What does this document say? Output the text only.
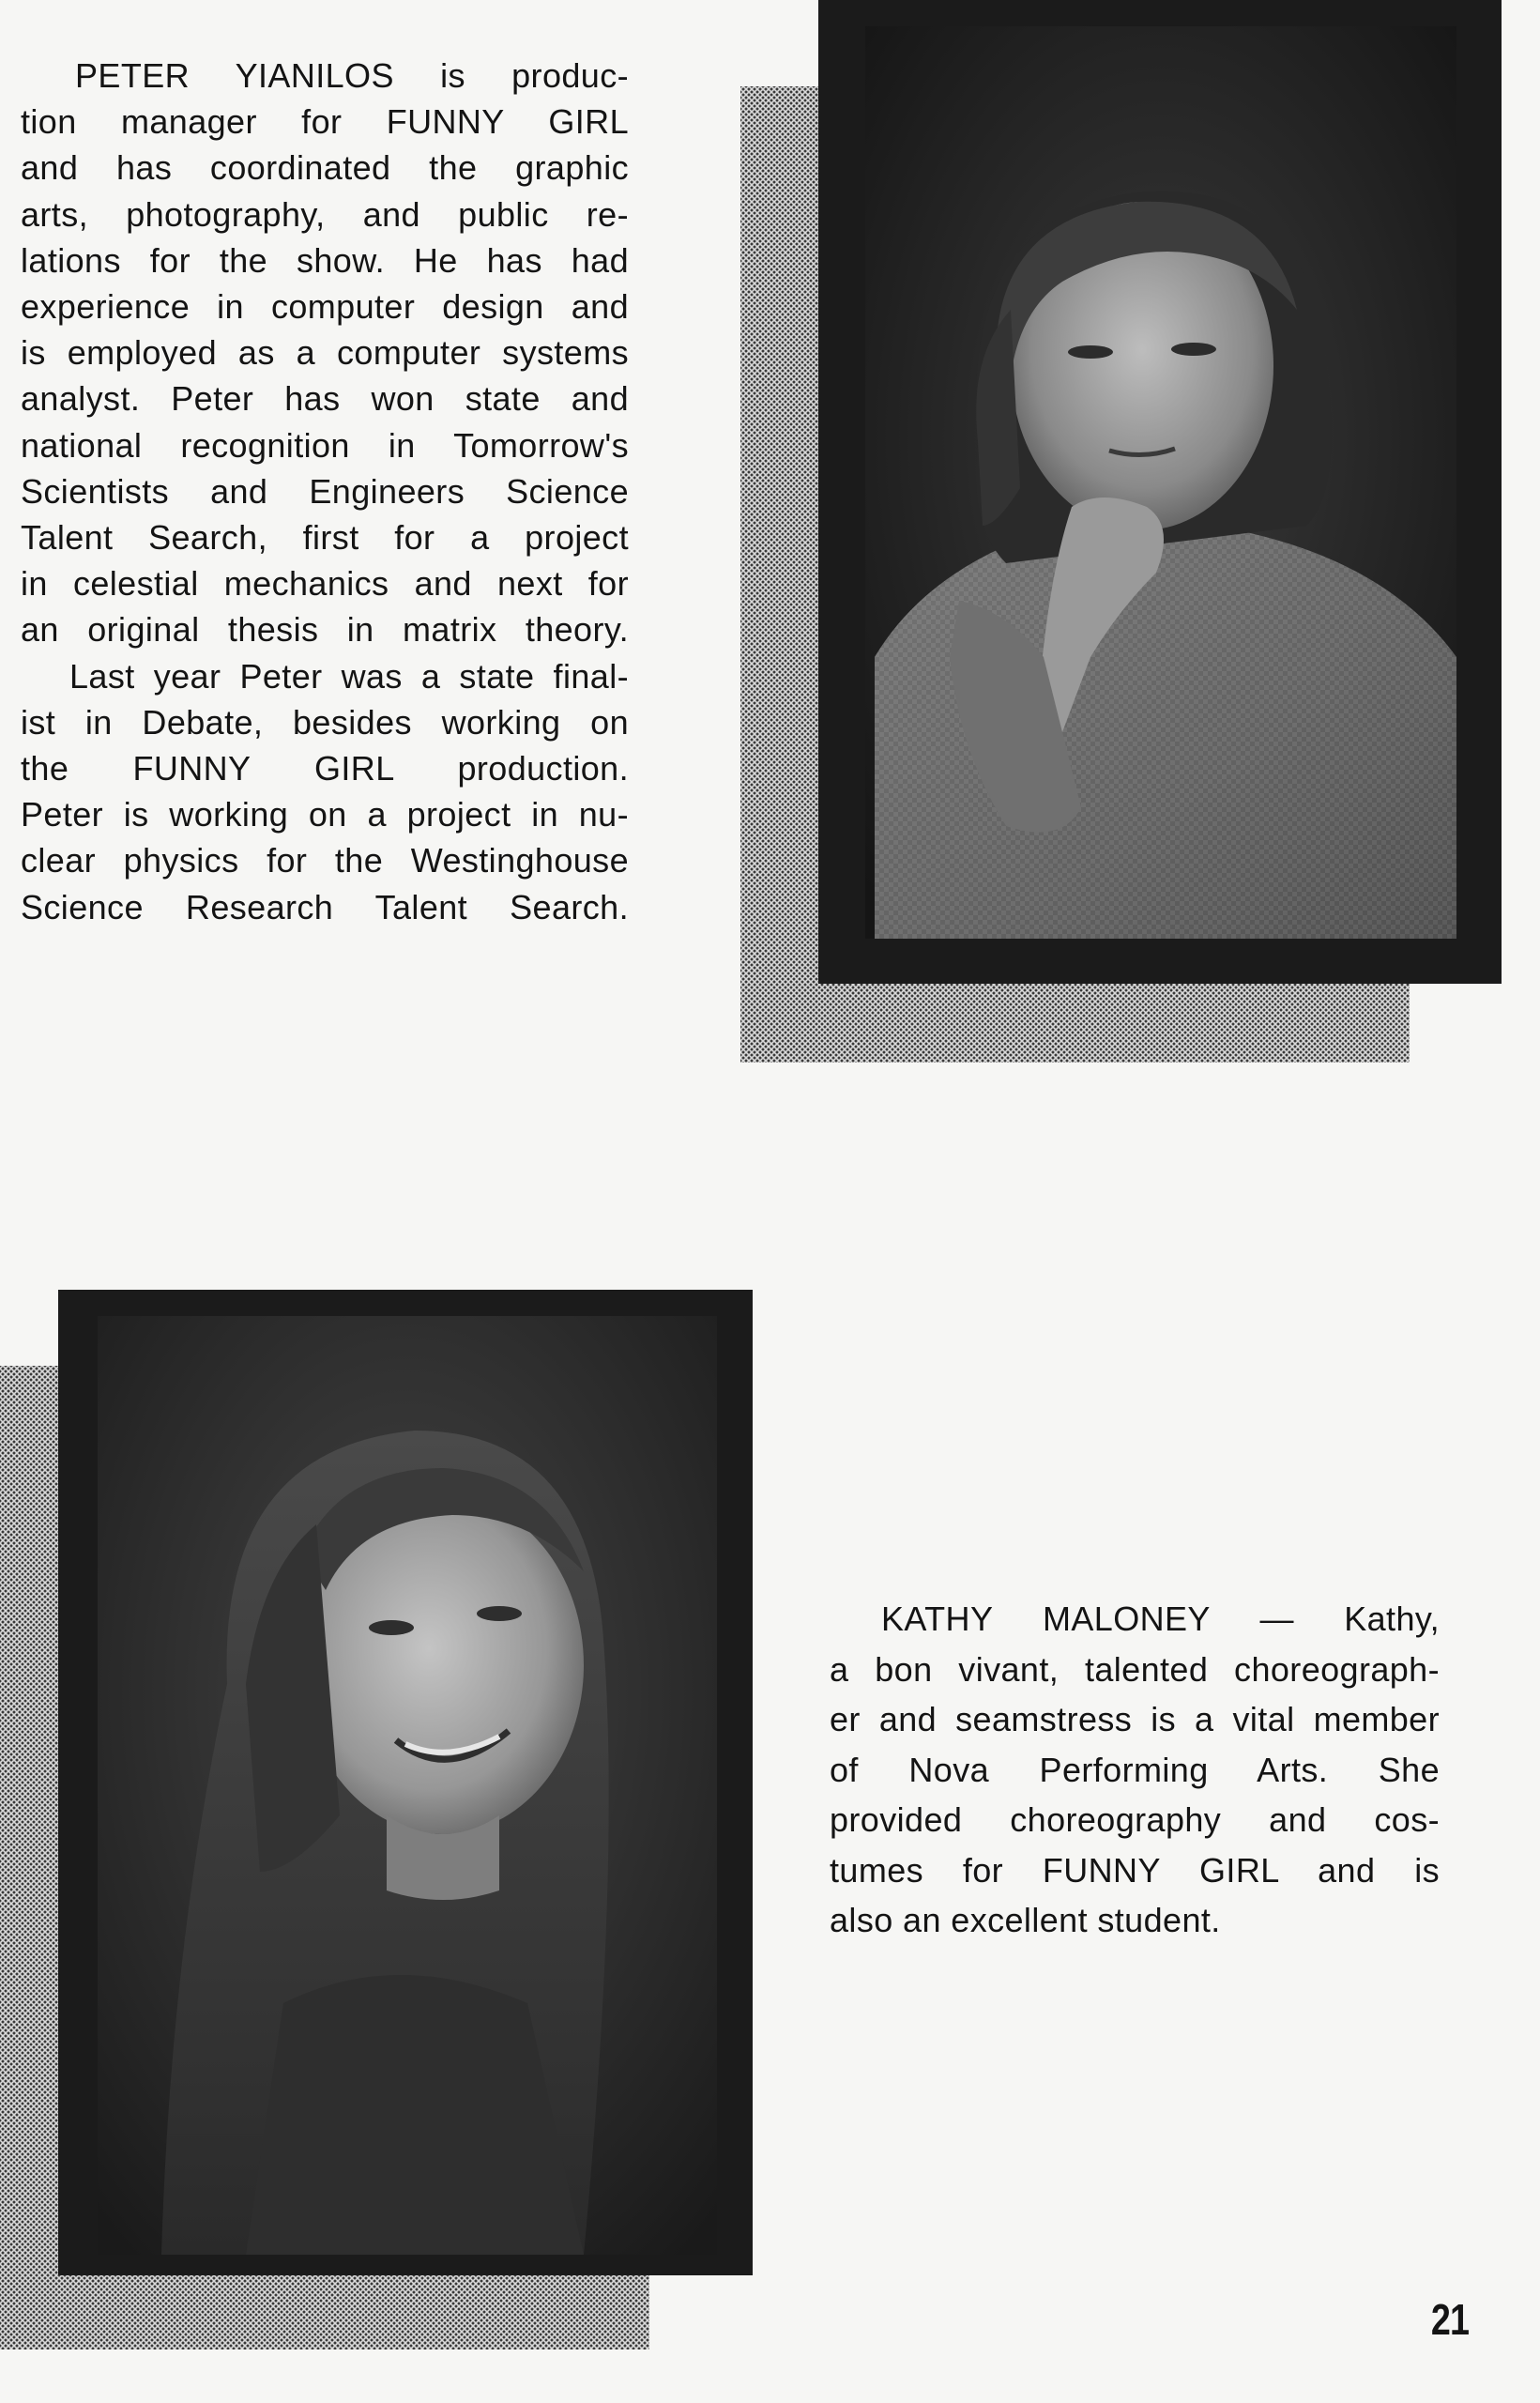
PETER YIANILOS is produc-
tion manager for FUNNY GIRL
and has coordinated the graphic
arts, photography, and public re-
lations for the show. He has had
experience in computer design and
is employed as a computer systems
analyst. Peter has won state and
national recognition in Tomorrow's
Scientists and Engineers Science
Talent Search, first for a project
in celestial mechanics and next for
an original thesis in matrix theory.
Last year Peter was a state final-
ist in Debate, besides working on
the FUNNY GIRL production.
Peter is working on a project in nu-
clear physics for the Westinghouse
Science Research Talent Search.
KATHY MALONEY — Kathy,
a bon vivant, talented choreograph-
er and seamstress is a vital member
of Nova Performing Arts. She
provided choreography and cos-
tumes for FUNNY GIRL and is
also an excellent student.
21
